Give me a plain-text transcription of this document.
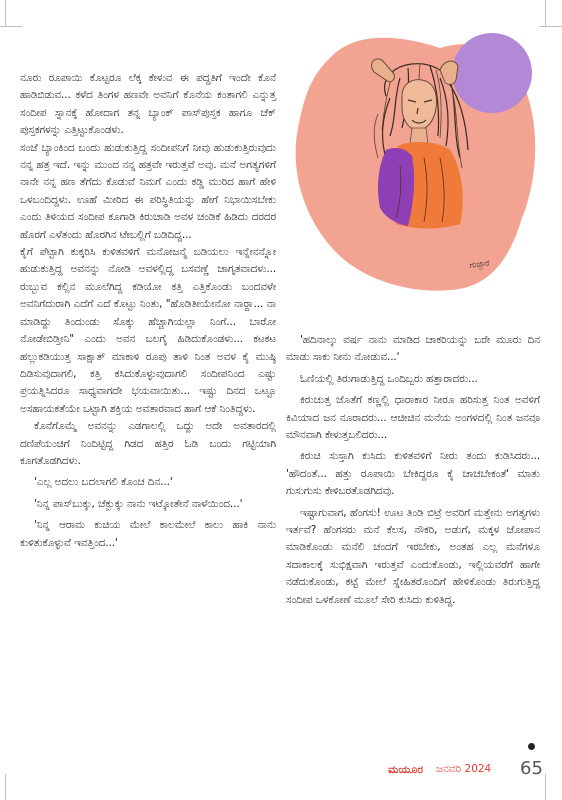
ಗುಜ್ಜಾರ

ನೂರು ರೂಪಾಯಿ ಕೊಟ್ಟರೂ ಲೆಕ್ಕ ಕೇಳುವ ಈ ಪದ್ಧತಿಗೆ ಇಂದೇ ಕೊನೆ ಹಾಡಿಬಿಡುವ... ಕಳೆದ ತಿಂಗಳ ಹಣವೇ ಅವನಿಗೆ ಕೊನೆಯ ಕಂತಾಗಲಿ ಎನ್ನುತ್ತ ಸಂದೀಪ ಸ್ನಾನಕ್ಕೆ ಹೋದಾಗ ತನ್ನ ಬ್ಯಾಂಕ್ ಪಾಸ್‌ಪುಸ್ತಕ ಹಾಗೂ ಚೆಕ್ ಪುಸ್ತಕಗಳನ್ನು ಎತ್ತಿಟ್ಟುಕೊಂಡಳು.

ಸಂಜೆ ಬ್ಯಾಂಕಿಂದ ಬಂದು ಹುಡುಕುತ್ತಿದ್ದ ಸಂದೀಪನಿಗೆ ನೀವು ಹುಡುಕುತ್ತಿರುವುದು ನನ್ನ ಹತ್ರ ಇದೆ. ಇನ್ನು ಮುಂದ ನನ್ನ ಹತ್ರವೇ ಇರುತ್ತವೆ ಅವು. ಮನೆ ಅಗತ್ಯಗಳಿಗೆ ನಾನೇ ನನ್ನ ಹಣ ತೆಗೆದು ಕೊಡುವೆ ನಿಮಗೆ ಎಂದು ಕಡ್ಡಿ ಮುರಿದ ಹಾಗೆ ಹೇಳಿ ಒಳಬಂದಿದ್ದಳು. ಊಹೆ ಮೀರಿದ ಈ ಪರಿಸ್ಥಿತಿಯನ್ನು ಹೇಗೆ ನಿಭಾಯಿಸಬೇಕು ಎಂದು ತಿಳಿಯದ ಸಂದೀಪ ಕೂಗಾಡಿ ಕಿರುಚಾಡಿ ಅವಳ ಚಂಡಿಕೆ ಹಿಡಿದು ದರದರ ಹೊರಗೆ ಎಳೆತಂದು ಹೊರಗಿನ ಟೇಬಲ್ಲಿಗೆ ಬಡಿದಿದ್ದ...

ಕೈಗೆ ಪೆಟ್ಟಾಗಿ ಕುಕ್ಕರಿಸಿ ಕುಳಿತವಳಿಗೆ ಮನೋಜನ್ಮೆ ಬಡಿಯಲು ಇನ್ನೇನನ್ನೋ ಹುಡುಕುತ್ತಿದ್ದ ಅವನನ್ನು ನೋಡಿ ಅವಳಲ್ಲಿದ್ದ ಬಸವಣ್ಣೆ ಜಾಗೃತವಾದಳು... ರುಬ್ಬುವ ಕಲ್ಲಿನ ಮೂಲೆಗಿದ್ದ ಕಡಿಯೋ ಕತ್ತಿ ಎತ್ತಿಕೊಂಡು ಬಂದವಳೇ ಅವನಿಗೆದುರಾಗಿ ಎದೆಗೆ ಎದೆ ಕೊಟ್ಟು ನಿಂತು, "ಹೊಡಿತೀಯೇನೋ ನಾರ್‍ದಾ... ನಾ ಮಾಡಿದ್ದು ತಿಂದುಂಡು ಸೊಕ್ಕು ಹೆಚ್ಚಾಗಿಯಲ್ಲಾ ನಿಂಗೆ... ಬಾರೋ ನೋಡೇಬಿಡ್ತೀನಿ" ಎಂದು ಅವನ ಬಲಗೈ ಹಿಡಿದುಕೊಂಡಳು... ಕಟಕಟ ಹಲ್ಲುಕಡಿಯುತ್ತ ಸಾಕ್ಷಾತ್ ಮಾಕಾಳಿ ರೂಪು ತಾಳಿ ನಿಂತ ಅವಳ ಕೈ ಮುಷ್ಠಿ ದಿಡಿಸುವುದಾಗಲಿ, ಕತ್ತಿ ಕಸಿದುಕೊಳ್ಳುವುದಾಗಲಿ ಸಂದೀಪನಿಂದ ಎಷ್ಟು ಪ್ರಯತ್ನಿಸಿದರೂ ಸಾಧ್ಯವಾಗದೇ ಭಯವಾಯಿತು... ಇಷ್ಟು ದಿನದ ಒಟ್ಟೂ ಅಸಹಾಯಕತೆಯೇ ಒಟ್ಟಾಗಿ ಶಕ್ತಿಯ ಅವತಾರವಾದ ಹಾಗೆ ಆಕೆ ನಿಂತಿದ್ದಳು.

ಕೊನೆಗೊಮ್ಮೆ ಅವನನ್ನು ಎಡಗಾಲಲ್ಲಿ ಒದ್ದು ಅದೇ ಅವತಾರದಲ್ಲಿ ದಣಿಪೆಯಂಚಿಗೆ ನಿಂದಿಟ್ಟಿದ್ದ ಗಿಡದ ಹತ್ತಿರ ಓಡಿ ಬಂದು ಗಟ್ಟಿಯಾಗಿ ಕೂಗತೊಡಗಿದಳು.

'ಎಲ್ಲ ಅದಲು ಬದಲಾಗಲಿ ಕೊಂಚ ದಿನ...'

'ನಿನ್ನ ಪಾಸ್‌ಬುಕ್ಕು, ಚೆಕ್ಬುಕ್ಕು ನಾನು ಇಟ್ಕೋತೇನೆ ನಾಳೆಯಿಂದ...'

'ನಿನ್ನ ಆರಾಮ ಕುಚಿಯ ಮೇಲೆ ಕಾಲಮೇಲೆ ಕಾಲು ಹಾಕಿ ನಾನು ಕುಳಿತುಕೊಳ್ಳುವೆ ಇವತ್ತಿಂದ...'

'ಹದಿನಾಲ್ಕು ವರ್ಷ ನಾನು ಮಾಡಿದ ಚಾಕರಿಯನ್ನು ಬರೇ ಮೂರು ದಿನ ಮಾಡು ಸಾಕು ನೀನು ನೋಡುವ...'

ಓಣಿಯಲ್ಲಿ ತಿರುಗಾಡುತ್ತಿದ್ದ ಒಂದಿಬ್ಬರು ಹತ್ತಾರಾದರು...

ಕಿರುಚುತ್ತ ಜೊತೆಗೆ ಕಣ್ಣಲ್ಲಿ ಧಾರಾಕಾರ ನೀರೂ ಹರಿಸುತ್ತ ನಿಂತ ಅವಳಿಗೆ ಕಿವಿಯಾದ ಜನ ನೂರಾದರು... ಆಚೀಚಿನ ಮನೆಯ ಅಂಗಳದಲ್ಲಿ ನಿಂತ ಜನವೂ ಮೌನವಾಗಿ ಕೇಳುತ್ತಬಲಿದರು...

ಕಿರುಚಿ ಸುಸ್ತಾಗಿ ಕುಸಿದು ಕುಳಿತವಳಿಗೆ ನೀರು ತಂದು ಕುಡಿಸಿದರು... 'ಹೌದಂತೆ... ಹತ್ತು ರೂಪಾಯಿ ಬೇಕಿದ್ದರೂ ಕೈ ಚಾಚಬೇಕಂತೆ' ಮಾತು ಗುಸುಗುಸು ಕೇಳಿಬರತೊಡಗಿದವು.

ಇಷ್ಟಾಗುವಾಗ, ಹೆಂಗಸು! ಊಟ ತಿಂಡಿ ಬಿಟ್ರೆ ಅವರಿಗೆ ಮತ್ತೇನು ಅಗತ್ಯಗಳು ಇರ್ತವೆ? ಹೆಂಗಸರು ಮನೆ ಕೆಲಸ, ನೌಕರಿ, ಅಡುಗೆ, ಮಕ್ಕಳ ಜೋಪಾನ ಮಾಡಿಕೊಂಡು ಮನೆಲಿ ಚಂದಗೆ ಇರಬೇಕು, ಅಂತಹ ಎಲ್ಲ ಮನೆಗಳೂ ಸದಾಕಾಲಕ್ಕೆ ಸುಭಿಕ್ಷವಾಗಿ ಇರುತ್ತವೆ ಎಂದುಕೊಂಡು, ಇಲ್ಲಿಯವರೆಗೆ ಹಾಗೇ ನಡೆದುಕೊಂಡು, ಕಟ್ಟೆ ಮೇಲೆ ಸ್ನೇಹಿತರೊಂದಿಗೆ ಹೇಳಿಕೊಂಡು ತಿರುಗುತ್ತಿದ್ದ ಸಂದೀಪ ಒಳಕೋಣೆ ಮೂಲೆ ಸೇರಿ ಕುಸಿದು ಕುಳಿತಿದ್ದ.

ಮಯೂರ ಜನವರಿ 2024 65
